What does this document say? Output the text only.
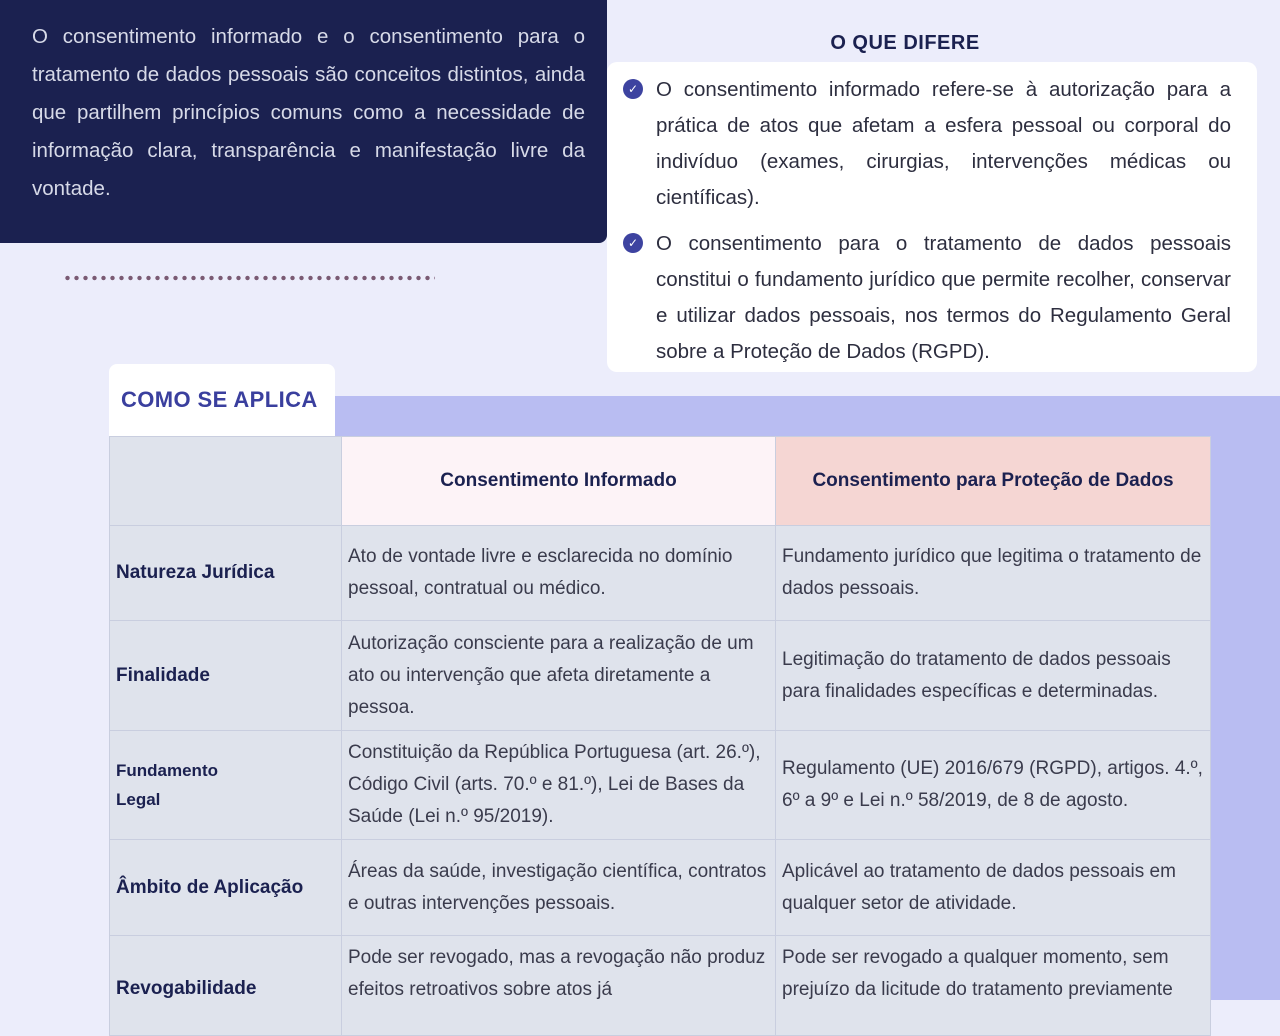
O consentimento informado e o consentimento para o tratamento de dados pessoais são conceitos distintos, ainda que partilhem princípios comuns como a necessidade de informação clara, transparência e manifestação livre da vontade.

O QUE DIFERE
✓ O consentimento informado refere-se à autorização para a prática de atos que afetam a esfera pessoal ou corporal do indivíduo (exames, cirurgias, intervenções médicas ou científicas).

✓ O consentimento para o tratamento de dados pessoais constitui o fundamento jurídico que permite recolher, conservar e utilizar dados pessoais, nos termos do Regulamento Geral sobre a Proteção de Dados (RGPD).

COMO SE APLICA
	Consentimento Informado	Consentimento para Proteção de Dados
Natureza Jurídica	Ato de vontade livre e esclarecida no domínio pessoal, contratual ou médico.	Fundamento jurídico que legitima o tratamento de dados pessoais.
Finalidade	Autorização consciente para a realização de um ato ou intervenção que afeta diretamente a pessoa.	Legitimação do tratamento de dados pessoais para finalidades específicas e determinadas.

Fundamento Legal	Constituição da República Portuguesa (art. 26.º), Código Civil (arts. 70.º e 81.º), Lei de Bases da Saúde (Lei n.º 95/2019).	Regulamento (UE) 2016/679 (RGPD), artigos. 4.º, 6º a 9º e Lei n.º 58/2019, de 8 de agosto.
Âmbito de Aplicação	Áreas da saúde, investigação científica, contratos e outras intervenções pessoais.	Aplicável ao tratamento de dados pessoais em qualquer setor de atividade.
Revogabilidade	Pode ser revogado, mas a revogação não produz efeitos retroativos sobre atos já	Pode ser revogado a qualquer momento, sem prejuízo da licitude do tratamento previamente
